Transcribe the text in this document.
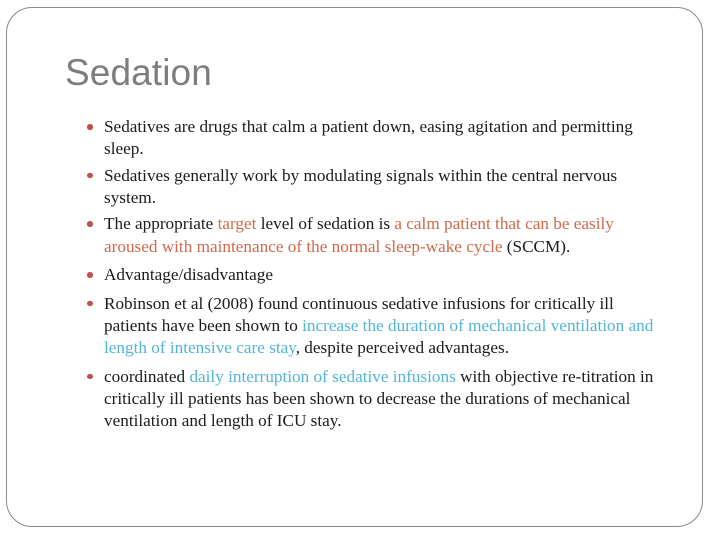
Sedation
Sedatives are drugs that calm a patient down, easing agitation and permitting sleep.
Sedatives generally work by modulating signals within the central nervous system.
The appropriate target level of sedation is a calm patient that can be easily aroused with maintenance of the normal sleep-wake cycle (SCCM).
Advantage/disadvantage
Robinson et al (2008) found continuous sedative infusions for critically ill patients have been shown to increase the duration of mechanical ventilation and length of intensive care stay, despite perceived advantages.
coordinated daily interruption of sedative infusions with objective re-titration in critically ill patients has been shown to decrease the durations of mechanical ventilation and length of ICU stay.
